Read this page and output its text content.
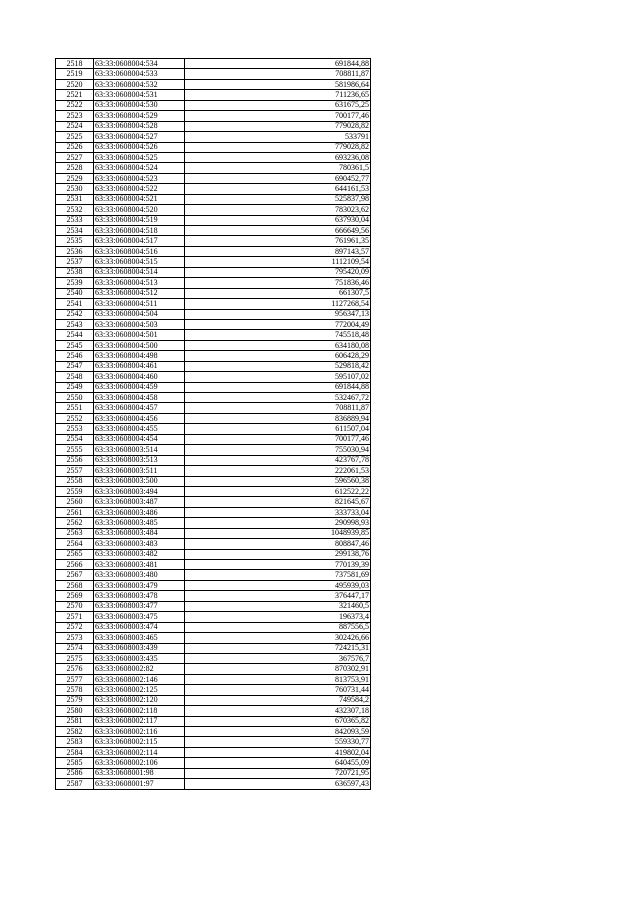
2518	63:33:0608004:534	691844,88
2519	63:33:0608004:533	708811,87
2520	63:33:0608004:532	581986,64
2521	63:33:0608004:531	711236,65
2522	63:33:0608004:530	631675,25
2523	63:33:0608004:529	700177,46
2524	63:33:0608004:528	779028,82
2525	63:33:0608004:527	533791
2526	63:33:0608004:526	779028,82
2527	63:33:0608004:525	693236,08
2528	63:33:0608004:524	780361,5
2529	63:33:0608004:523	690452,77
2530	63:33:0608004:522	644161,53
2531	63:33:0608004:521	525837,98
2532	63:33:0608004:520	783023,62
2533	63:33:0608004:519	637930,04
2534	63:33:0608004:518	666649,56
2535	63:33:0608004:517	761961,35
2536	63:33:0608004:516	897143,57
2537	63:33:0608004:515	1112109,54
2538	63:33:0608004:514	795420,09
2539	63:33:0608004:513	751836,46
2540	63:33:0608004:512	661307,5
2541	63:33:0608004:511	1127268,54
2542	63:33:0608004:504	956347,13
2543	63:33:0608004:503	772004,49
2544	63:33:0608004:501	745518,48
2545	63:33:0608004:500	634180,08
2546	63:33:0608004:498	606428,29
2547	63:33:0608004:461	529818,42
2548	63:33:0608004:460	595107,02
2549	63:33:0608004:459	691844,88
2550	63:33:0608004:458	532467,72
2551	63:33:0608004:457	708811,87
2552	63:33:0608004:456	836889,94
2553	63:33:0608004:455	611507,04
2554	63:33:0608004:454	700177,46
2555	63:33:0608003:514	755030,94
2556	63:33:0608003:513	423767,78
2557	63:33:0608003:511	222061,53
2558	63:33:0608003:500	596560,38
2559	63:33:0608003:494	612522,22
2560	63:33:0608003:487	821645,67
2561	63:33:0608003:486	333733,04
2562	63:33:0608003:485	290998,93
2563	63:33:0608003:484	1048939,85
2564	63:33:0608003:483	808847,46
2565	63:33:0608003:482	299138,76
2566	63:33:0608003:481	770139,39
2567	63:33:0608003:480	737581,69
2568	63:33:0608003:479	495939,03
2569	63:33:0608003:478	376447,17
2570	63:33:0608003:477	321460,5
2571	63:33:0608003:475	196373,4
2572	63:33:0608003:474	887556,5
2573	63:33:0608003:465	302426,66
2574	63:33:0608003:439	724215,31
2575	63:33:0608003:435	367576,7
2576	63:33:0608002:82	870302,91
2577	63:33:0608002:146	813753,91
2578	63:33:0608002:125	760731,44
2579	63:33:0608002:120	749584,2
2580	63:33:0608002:118	432307,18
2581	63:33:0608002:117	670365,82
2582	63:33:0608002:116	842093,59
2583	63:33:0608002:115	559330,77
2584	63:33:0608002:114	419802,04
2585	63:33:0608002:106	640455,09
2586	63:33:0608001:98	720721,95
2587	63:33:0608001:97	636597,43
